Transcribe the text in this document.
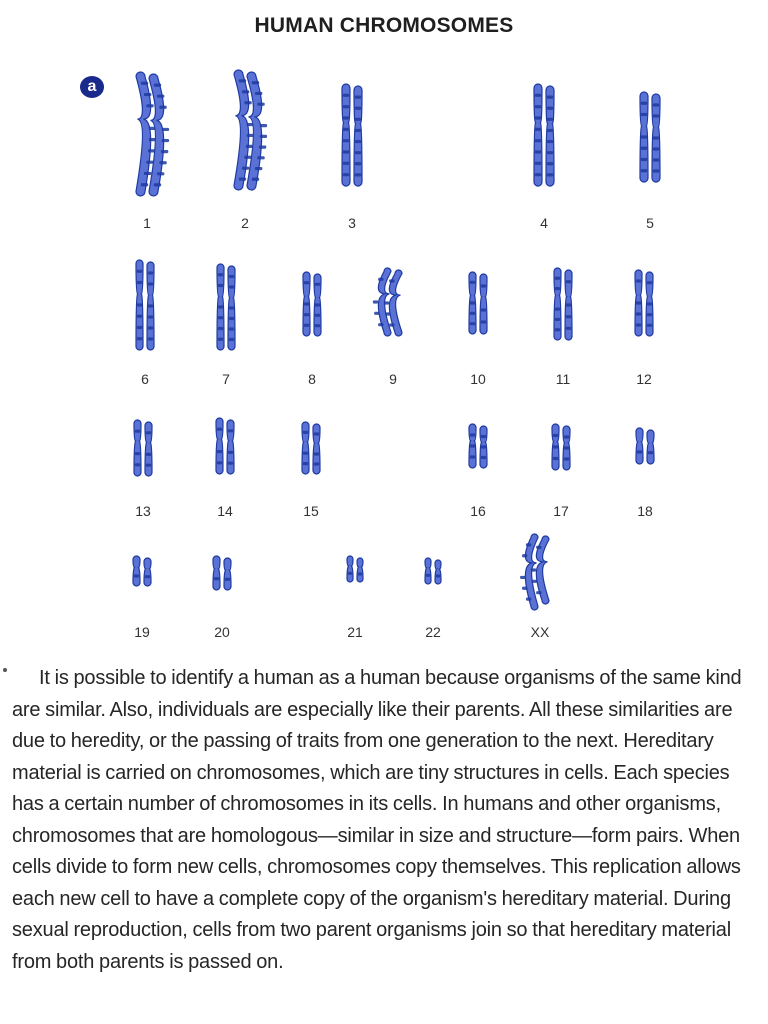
HUMAN CHROMOSOMES
a
1	2	3	4	5
6	7	8	9	10	11	12
13	14	15	16	17	18
19	20	21	22	XX

It is possible to identify a human as a human because organisms of the same kind are similar. Also, individuals are especially like their parents. All these similarities are due to heredity, or the passing of traits from one generation to the next. Hereditary material is carried on chromosomes, which are tiny structures in cells. Each species has a certain number of chromosomes in its cells. In humans and other organisms, chromosomes that are homologous—similar in size and structure—form pairs. When cells divide to form new cells, chromosomes copy themselves. This replication allows each new cell to have a complete copy of the organism's hereditary material. During sexual reproduction, cells from two parent organisms join so that hereditary material from both parents is passed on.
